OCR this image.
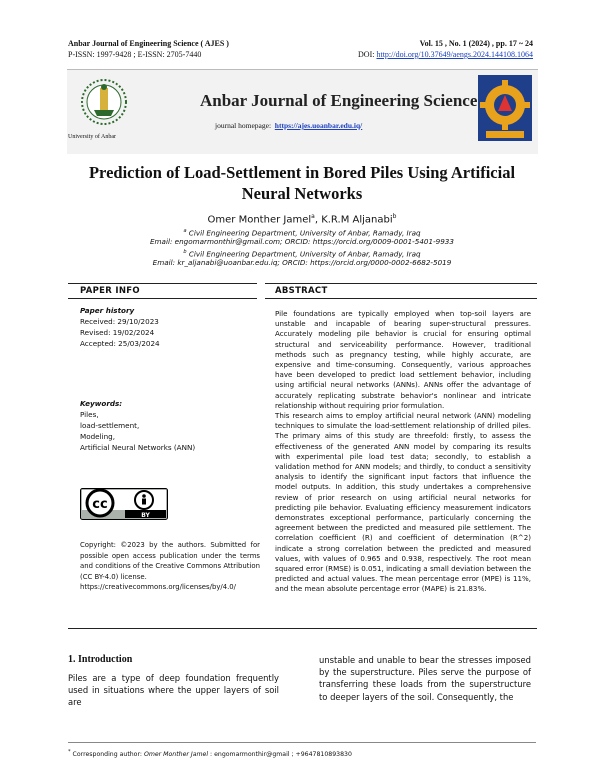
Anbar Journal of Engineering Science ( AJES )
P-ISSN: 1997-9428 ; E-ISSN: 2705-7440
Vol. 15 , No. 1 (2024) , pp. 17 ~ 24
DOI: http://doi.org/10.37649/aengs.2024.144108.1064
University of Anbar
Anbar Journal of Engineering Science
journal homepage: https://ajes.uoanbar.edu.iq/
Prediction of Load-Settlement in Bored Piles Using Artificial Neural Networks
Omer Monther Jamel$^a$, K.R.M Aljanabi$^b$
$^a$ Civil Engineering Department, University of Anbar, Ramady, Iraq
Email: engomarmonthir@gmail.com; ORCID: https://orcid.org/0009-0001-5401-9933
$^b$ Civil Engineering Department, University of Anbar, Ramady, Iraq
Email: kr_aljanabi@uoanbar.edu.iq; ORCID: https://orcid.org/0000-0002-6682-5019
PAPER INFO	ABSTRACT
Paper history
Received: 29/10/2023
Revised: 19/02/2024
Accepted: 25/03/2024
Keywords:
Piles,
load-settlement,
Modeling,
Artificial Neural Networks (ANN)
cc
BY
Copyright: ©2023 by the authors. Submitted for possible open access publication under the terms and conditions of the Creative Commons Attribution (CC BY-4.0) license.
https://creativecommons.org/licenses/by/4.0/

Pile foundations are typically employed when top-soil layers are unstable and incapable of bearing super-structural pressures. Accurately modeling pile behavior is crucial for ensuring optimal structural and serviceability performance. However, traditional methods such as pregnancy testing, while highly accurate, are expensive and time-consuming. Consequently, various approaches have been developed to predict load settlement behavior, including using artificial neural networks (ANNs). ANNs offer the advantage of accurately replicating substrate behavior's nonlinear and intricate relationship without requiring prior formulation.

This research aims to employ artificial neural network (ANN) modeling techniques to simulate the load-settlement relationship of drilled piles. The primary aims of this study are threefold: firstly, to assess the effectiveness of the generated ANN model by comparing its results with experimental pile load test data; secondly, to establish a validation method for ANN models; and thirdly, to conduct a sensitivity analysis to identify the significant input factors that influence the model outputs. In addition, this study undertakes a comprehensive review of prior research on using artificial neural networks for predicting pile behavior. Evaluating efficiency measurement indicators demonstrates exceptional performance, particularly concerning the agreement between the predicted and measured pile settlement. The correlation coefficient (R) and coefficient of determination (R^2) indicate a strong correlation between the predicted and measured values, with values of 0.965 and 0.938, respectively. The root mean squared error (RMSE) is 0.051, indicating a small deviation between the predicted and actual values. The mean percentage error (MPE) is 11%, and the mean absolute percentage error (MAPE) is 21.83%.

1. Introduction
Piles are a type of deep foundation frequently used in situations where the upper layers of soil are
unstable and unable to bear the stresses imposed by the superstructure. Piles serve the purpose of transferring these loads from the superstructure to deeper layers of the soil. Consequently, the
* Corresponding author: Omer Monther Jamel : engomarmonthir@gmail ; +9647810893830
